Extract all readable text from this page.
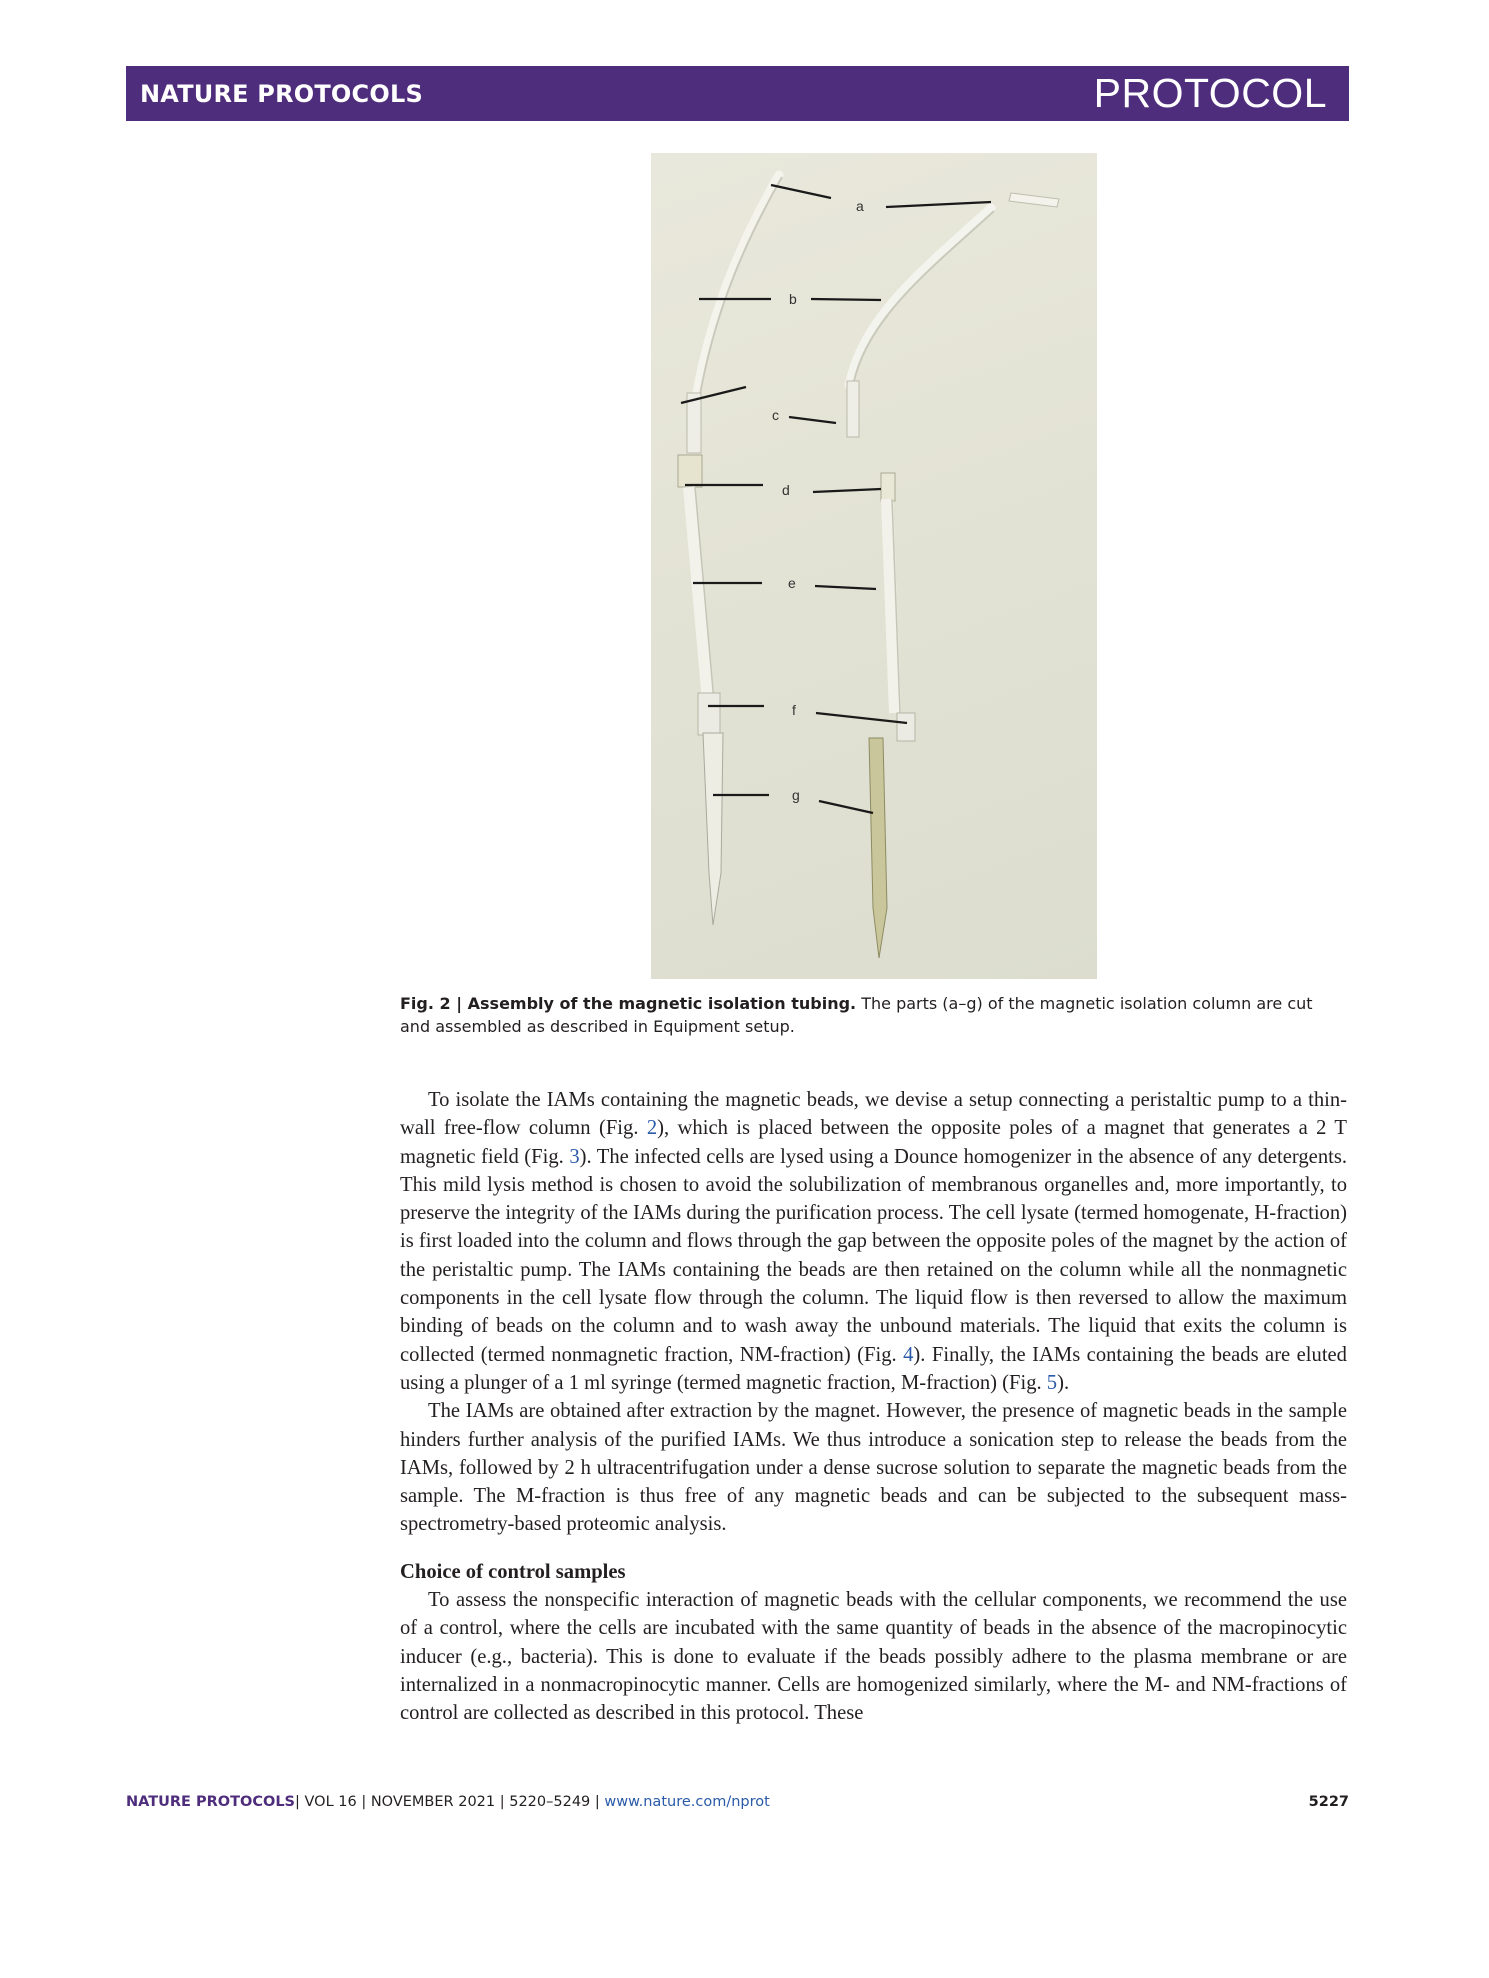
NATURE PROTOCOLS	PROTOCOL
a
b
c
d
e
f
g
Fig. 2 | Assembly of the magnetic isolation tubing. The parts (a–g) of the magnetic isolation column are cut and assembled as described in Equipment setup.

To isolate the IAMs containing the magnetic beads, we devise a setup connecting a peristaltic pump to a thin-wall free-flow column (Fig. 2), which is placed between the opposite poles of a magnet that generates a 2 T magnetic field (Fig. 3). The infected cells are lysed using a Dounce homogenizer in the absence of any detergents. This mild lysis method is chosen to avoid the solubilization of membranous organelles and, more importantly, to preserve the integrity of the IAMs during the purification process. The cell lysate (termed homogenate, H-fraction) is first loaded into the column and flows through the gap between the opposite poles of the magnet by the action of the peristaltic pump. The IAMs containing the beads are then retained on the column while all the nonmagnetic components in the cell lysate flow through the column. The liquid flow is then reversed to allow the maximum binding of beads on the column and to wash away the unbound materials. The liquid that exits the column is collected (termed nonmagnetic fraction, NM-fraction) (Fig. 4). Finally, the IAMs containing the beads are eluted using a plunger of a 1 ml syringe (termed magnetic fraction, M-fraction) (Fig. 5).

The IAMs are obtained after extraction by the magnet. However, the presence of magnetic beads in the sample hinders further analysis of the purified IAMs. We thus introduce a sonication step to release the beads from the IAMs, followed by 2 h ultracentrifugation under a dense sucrose solution to separate the magnetic beads from the sample. The M-fraction is thus free of any magnetic beads and can be subjected to the subsequent mass-spectrometry-based proteomic analysis.

Choice of control samples

To assess the nonspecific interaction of magnetic beads with the cellular components, we recommend the use of a control, where the cells are incubated with the same quantity of beads in the absence of the macropinocytic inducer (e.g., bacteria). This is done to evaluate if the beads possibly adhere to the plasma membrane or are internalized in a nonmacropinocytic manner. Cells are homogenized similarly, where the M- and NM-fractions of control are collected as described in this protocol. These

NATURE PROTOCOLS| VOL 16 | NOVEMBER 2021 | 5220–5249 | www.nature.com/nprot	5227
